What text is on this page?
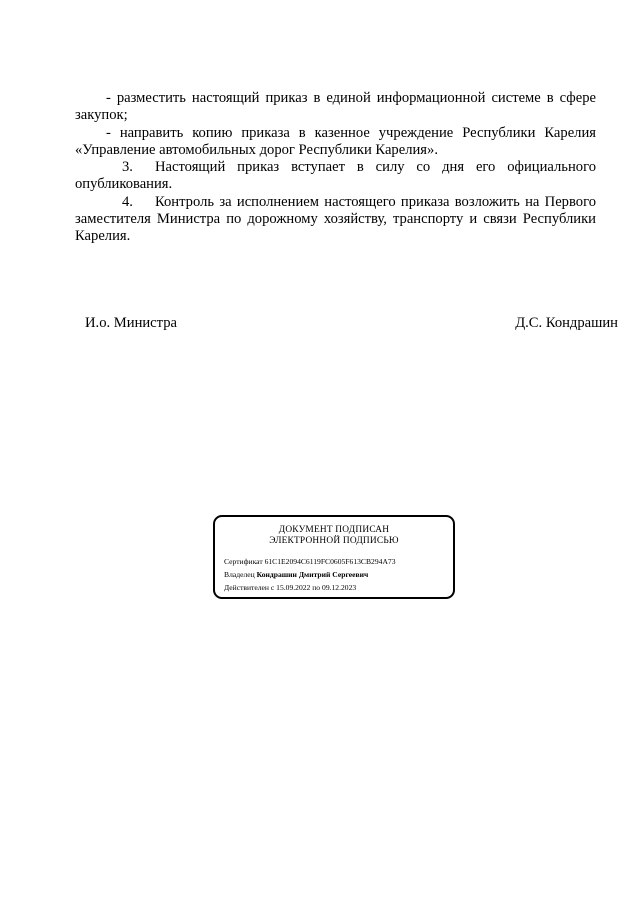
- разместить настоящий приказ в единой информационной системе в сфере закупок;

- направить копию приказа в казенное учреждение Республики Карелия «Управление автомобильных дорог Республики Карелия».

3. Настоящий приказ вступает в силу со дня его официального опубликования.

4. Контроль за исполнением настоящего приказа возложить на Первого заместителя Министра по дорожному хозяйству, транспорту и связи Республики Карелия.

И.о. Министра	Д.С. Кондрашин
ДОКУМЕНТ ПОДПИСАН
ЭЛЕКТРОННОЙ ПОДПИСЬЮ
Сертификат 61C1E2094C6119FC0605F613CB294A73
Владелец Кондрашин Дмитрий Сергеевич
Действителен с 15.09.2022 по 09.12.2023
